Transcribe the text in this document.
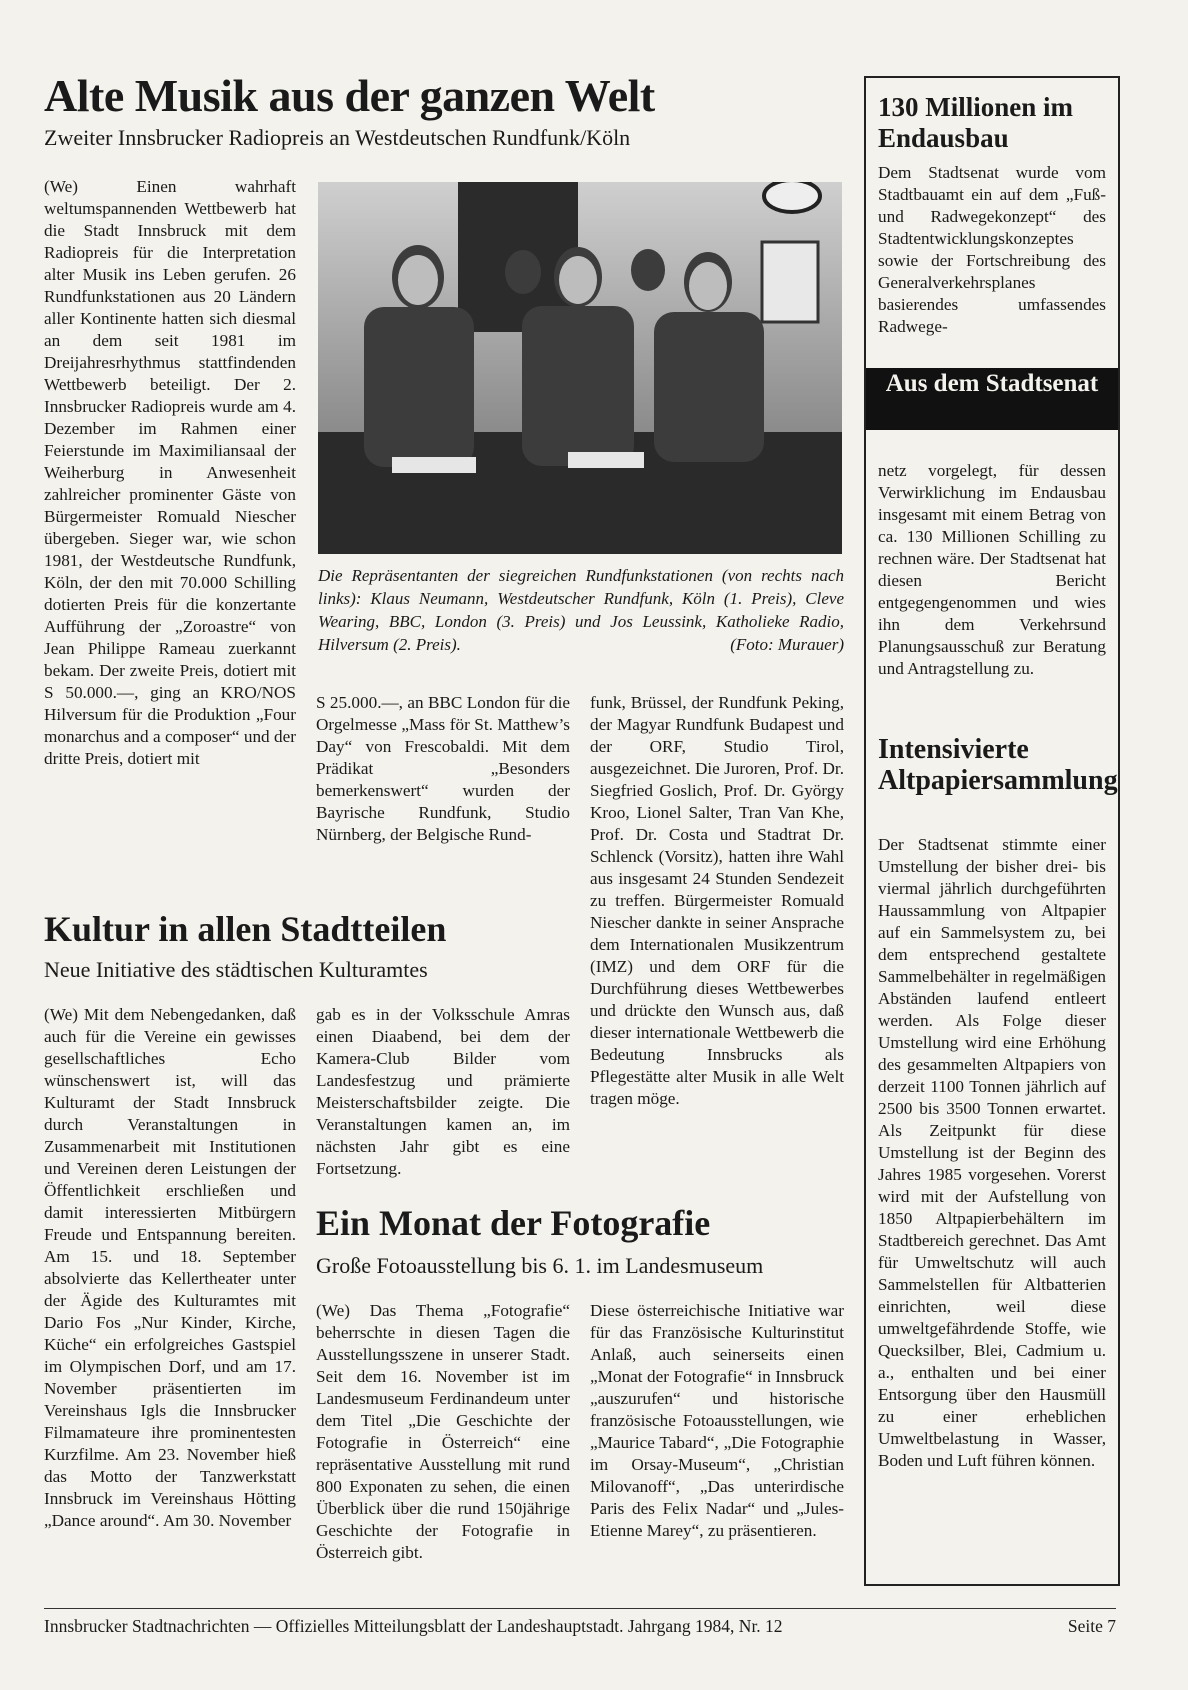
Alte Musik aus der ganzen Welt
Zweiter Innsbrucker Radiopreis an Westdeutschen Rundfunk/Köln
(We) Einen wahrhaft weltumspannenden Wettbewerb hat die Stadt Innsbruck mit dem Radiopreis für die Interpretation alter Musik ins Leben gerufen. 26 Rundfunkstationen aus 20 Ländern aller Kontinente hatten sich diesmal an dem seit 1981 im Dreijahresrhythmus stattfindenden Wettbewerb beteiligt. Der 2. Innsbrucker Radiopreis wurde am 4. Dezember im Rahmen einer Feierstunde im Maximiliansaal der Weiherburg in Anwesenheit zahlreicher prominenter Gäste von Bürgermeister Romuald Niescher übergeben. Sieger war, wie schon 1981, der Westdeutsche Rundfunk, Köln, der den mit 70.000 Schilling dotierten Preis für die konzertante Aufführung der „Zoroastre“ von Jean Philippe Rameau zuerkannt bekam. Der zweite Preis, dotiert mit S 50.000.—, ging an KRO/NOS Hilversum für die Produktion „Four monarchus and a composer“ und der dritte Preis, dotiert mit
Die Repräsentanten der siegreichen Rundfunkstationen (von rechts nach links): Klaus Neumann, Westdeutscher Rundfunk, Köln (1. Preis), Cleve Wearing, BBC, London (3. Preis) und Jos Leussink, Katholieke Radio, Hilversum (2. Preis).	(Foto: Murauer)
S 25.000.—, an BBC London für die Orgelmesse „Mass för St. Matthew’s Day“ von Frescobaldi. Mit dem Prädikat „Besonders bemerkenswert“ wurden der Bayrische Rundfunk, Studio Nürnberg, der Belgische Rund-
funk, Brüssel, der Rundfunk Peking, der Magyar Rundfunk Budapest und der ORF, Studio Tirol, ausgezeichnet. Die Juroren, Prof. Dr. Siegfried Goslich, Prof. Dr. György Kroo, Lionel Salter, Tran Van Khe, Prof. Dr. Costa und Stadtrat Dr. Schlenck (Vorsitz), hatten ihre Wahl aus insgesamt 24 Stunden Sendezeit zu treffen. Bürgermeister Romuald Niescher dankte in seiner Ansprache dem Internationalen Musikzentrum (IMZ) und dem ORF für die Durchführung dieses Wettbewerbes und drückte den Wunsch aus, daß dieser internationale Wettbewerb die Bedeutung Innsbrucks als Pflegestätte alter Musik in alle Welt tragen möge.
Kultur in allen Stadtteilen
Neue Initiative des städtischen Kulturamtes
(We) Mit dem Nebengedanken, daß auch für die Vereine ein gewisses gesellschaftliches Echo wünschenswert ist, will das Kulturamt der Stadt Innsbruck durch Veranstaltungen in Zusammenarbeit mit Institutionen und Vereinen deren Leistungen der Öffentlichkeit erschließen und damit interessierten Mitbürgern Freude und Entspannung bereiten. Am 15. und 18. September absolvierte das Kellertheater unter der Ägide des Kulturamtes mit Dario Fos „Nur Kinder, Kirche, Küche“ ein erfolgreiches Gastspiel im Olympischen Dorf, und am 17. November präsentierten im Vereinshaus Igls die Innsbrucker Filmamateure ihre prominentesten Kurzfilme. Am 23. November hieß das Motto der Tanzwerkstatt Innsbruck im Vereinshaus Hötting „Dance around“. Am 30. November
gab es in der Volksschule Amras einen Diaabend, bei dem der Kamera-Club Bilder vom Landesfestzug und prämierte Meisterschaftsbilder zeigte. Die Veranstaltungen kamen an, im nächsten Jahr gibt es eine Fortsetzung.
Ein Monat der Fotografie
Große Fotoausstellung bis 6. 1. im Landesmuseum
(We) Das Thema „Fotografie“ beherrschte in diesen Tagen die Ausstellungsszene in unserer Stadt. Seit dem 16. November ist im Landesmuseum Ferdinandeum unter dem Titel „Die Geschichte der Fotografie in Österreich“ eine repräsentative Ausstellung mit rund 800 Exponaten zu sehen, die einen Überblick über die rund 150jährige Geschichte der Fotografie in Österreich gibt.
Diese österreichische Initiative war für das Französische Kulturinstitut Anlaß, auch seinerseits einen „Monat der Fotografie“ in Innsbruck „auszurufen“ und historische französische Fotoausstellungen, wie „Maurice Tabard“, „Die Fotographie im Orsay-Museum“, „Christian Milovanoff“, „Das unterirdische Paris des Felix Nadar“ und „Jules-Etienne Marey“, zu präsentieren.
130 Millionen im Endausbau
Dem Stadtsenat wurde vom Stadtbauamt ein auf dem „Fuß- und Radwegekonzept“ des Stadtentwicklungskonzeptes sowie der Fortschreibung des Generalverkehrsplanes basierendes umfassendes Radwege-
Aus dem Stadtsenat
netz vorgelegt, für dessen Verwirklichung im Endausbau insgesamt mit einem Betrag von ca. 130 Millionen Schilling zu rechnen wäre. Der Stadtsenat hat diesen Bericht entgegengenommen und wies ihn dem Verkehrsund Planungsausschuß zur Beratung und Antragstellung zu.
Intensivierte Altpapiersammlung
Der Stadtsenat stimmte einer Umstellung der bisher drei- bis viermal jährlich durchgeführten Haussammlung von Altpapier auf ein Sammelsystem zu, bei dem entsprechend gestaltete Sammelbehälter in regelmäßigen Abständen laufend entleert werden. Als Folge dieser Umstellung wird eine Erhöhung des gesammelten Altpapiers von derzeit 1100 Tonnen jährlich auf 2500 bis 3500 Tonnen erwartet. Als Zeitpunkt für diese Umstellung ist der Beginn des Jahres 1985 vorgesehen. Vorerst wird mit der Aufstellung von 1850 Altpapierbehältern im Stadtbereich gerechnet. Das Amt für Umweltschutz will auch Sammelstellen für Altbatterien einrichten, weil diese umweltgefährdende Stoffe, wie Quecksilber, Blei, Cadmium u. a., enthalten und bei einer Entsorgung über den Hausmüll zu einer erheblichen Umweltbelastung in Wasser, Boden und Luft führen können.
Innsbrucker Stadtnachrichten — Offizielles Mitteilungsblatt der Landeshauptstadt. Jahrgang 1984, Nr. 12	Seite 7
